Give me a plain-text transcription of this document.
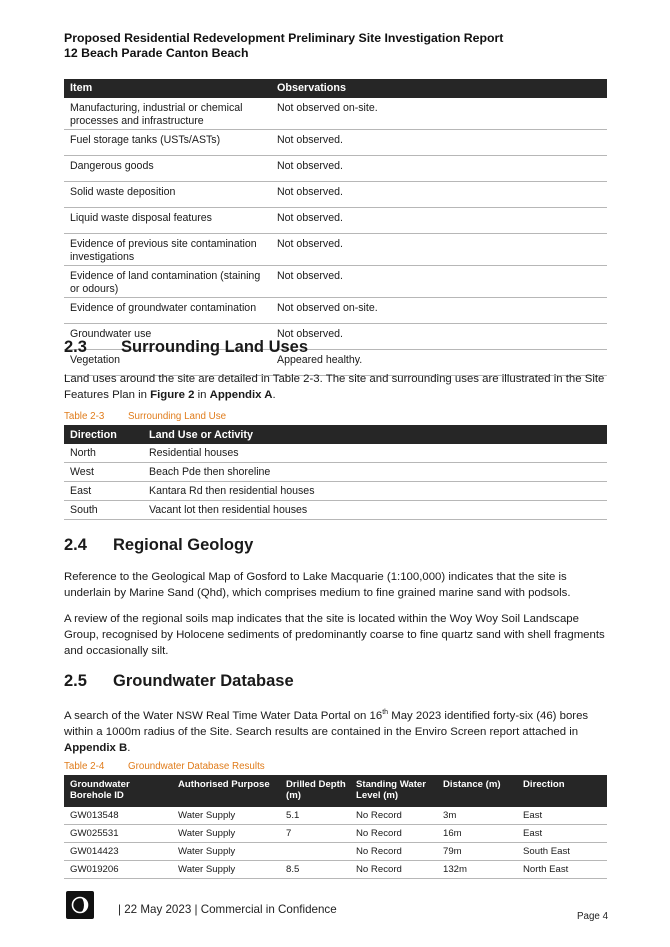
Proposed Residential Redevelopment Preliminary Site Investigation Report
12 Beach Parade Canton Beach
Item	Observations
Manufacturing, industrial or chemical processes and infrastructure	Not observed on-site.
Fuel storage tanks (USTs/ASTs)	Not observed.
Dangerous goods	Not observed.
Solid waste deposition	Not observed.
Liquid waste disposal features	Not observed.
Evidence of previous site contamination investigations	Not observed.
Evidence of land contamination (staining or odours)	Not observed.
Evidence of groundwater contamination	Not observed on-site.
Groundwater use	Not observed.
Vegetation	Appeared healthy.
2.3 Surrounding Land Uses
Land uses around the site are detailed in Table 2-3. The site and surrounding uses are illustrated in the Site Features Plan in Figure 2 in Appendix A.
Table 2-3 Surrounding Land Use
Direction	Land Use or Activity
North	Residential houses
West	Beach Pde then shoreline
East	Kantara Rd then residential houses
South	Vacant lot then residential houses
2.4 Regional Geology
Reference to the Geological Map of Gosford to Lake Macquarie (1:100,000) indicates that the site is underlain by Marine Sand (Qhd), which comprises medium to fine grained marine sand with podsols.
A review of the regional soils map indicates that the site is located within the Woy Woy Soil Landscape Group, recognised by Holocene sediments of predominantly coarse to fine quartz sand with shell fragments and occasionally silt.
2.5 Groundwater Database
A search of the Water NSW Real Time Water Data Portal on 16th May 2023 identified forty-six (46) bores within a 1000m radius of the Site. Search results are contained in the Enviro Screen report attached in Appendix B.
Table 2-4 Groundwater Database Results
Groundwater Borehole ID	Authorised Purpose	Drilled Depth (m)	Standing Water Level (m)	Distance (m)	Direction
GW013548	Water Supply	5.1	No Record	3m	East
GW025531	Water Supply	7	No Record	16m	East
GW014423	Water Supply		No Record	79m	South East
GW019206	Water Supply	8.5	No Record	132m	North East
| 22 May 2023 | Commercial in Confidence
Page 4
